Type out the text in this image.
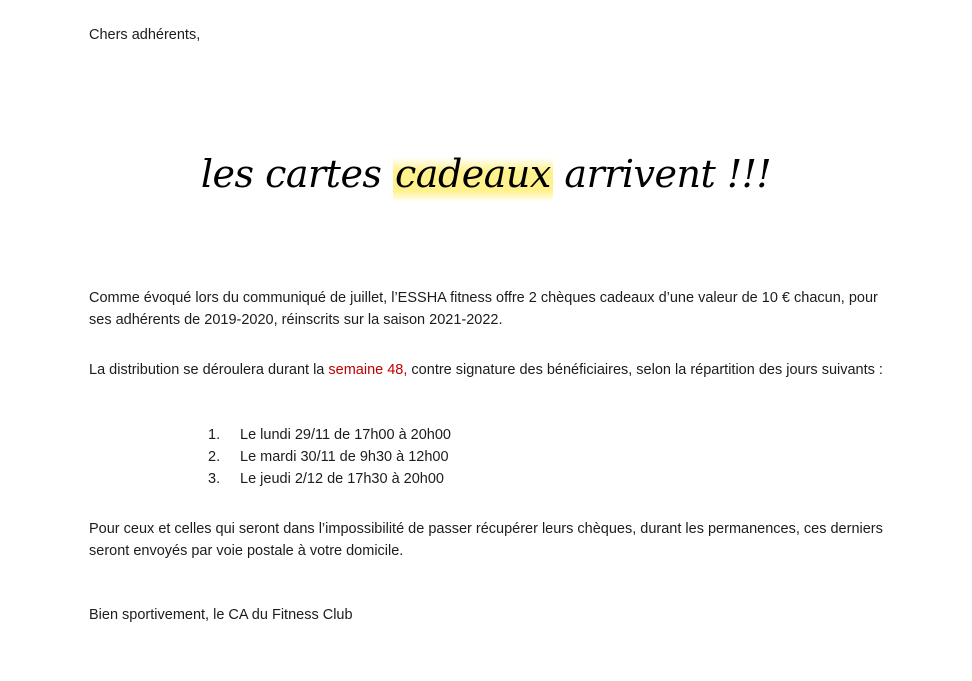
Chers adhérents,
les cartes cadeaux arrivent !!!
Comme évoqué lors du communiqué de juillet, l’ESSHA fitness offre 2 chèques cadeaux d’une valeur de 10 € chacun, pour ses adhérents de 2019-2020, réinscrits sur la saison 2021-2022.
La distribution se déroulera durant la semaine 48, contre signature des bénéficiaires, selon la répartition des jours suivants :
1.	Le lundi 29/11 de 17h00 à 20h00
2.	Le mardi 30/11 de 9h30 à 12h00
3.	Le jeudi 2/12 de 17h30 à 20h00
Pour ceux et celles qui seront dans l’impossibilité de passer récupérer leurs chèques, durant les permanences, ces derniers seront envoyés par voie postale à votre domicile.
Bien sportivement, le CA du Fitness Club
